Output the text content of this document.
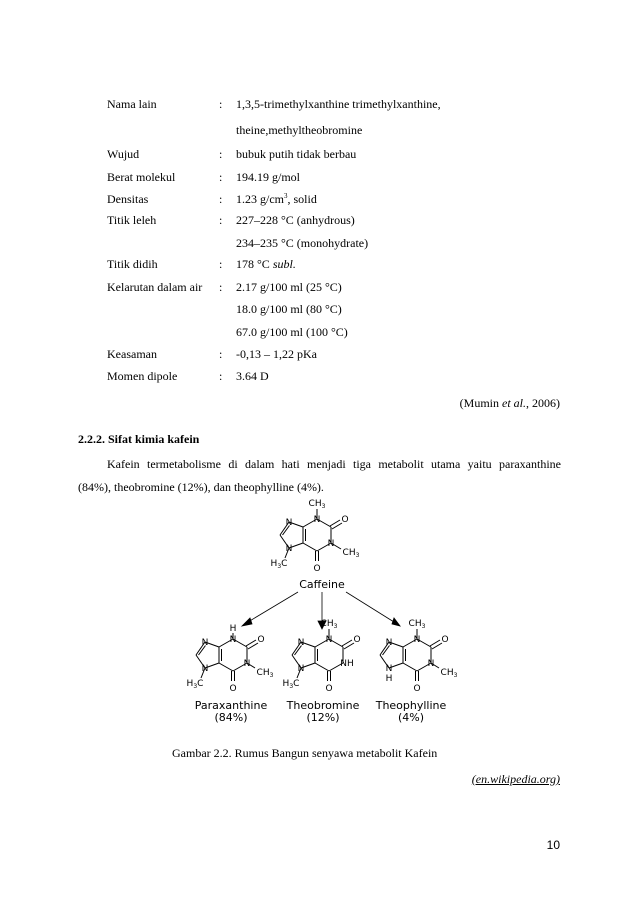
Nama lain	: 1,3,5-trimethylxanthine trimethylxanthine,
theine,methyltheobromine
Wujud	: bubuk putih tidak berbau
Berat molekul	: 194.19 g/mol
Densitas	: 1.23 $g/cm^3$, solid
Titik leleh	: 227–228 °C (anhydrous)
234–235 °C (monohydrate)
Titik didih	: 178 °C subl.
Kelarutan dalam air : 2.17 g/100 ml (25 °C)
18.0 g/100 ml (80 °C)
67.0 g/100 ml (100 °C)
Keasaman	: -0,13 – 1,22 pKa
Momen dipole	: 3.64 D
(Mumin et al., 2006)
2.2.2. Sifat kimia kafein
Kafein termetabolisme di dalam hati menjadi tiga metabolit utama yaitu paraxanthine
(84%), theobromine (12%), dan theophylline (4%).
$CH_3$
N
N
N	N
O
O
$CH_3$
$H_3C$
Caffeine
H
N
N
N	N
O
O
$CH_3$
$H_3C$
Paraxanthine
(84%)
$CH_3$
N
N
N	NH
O
O
$H_3C$
Theobromine
(12%)
$CH_3$
N
N
N	N
O
O
H
$CH_3$
Theophylline
(4%)
Gambar 2.2. Rumus Bangun senyawa metabolit Kafein
(en.wikipedia.org)
10
